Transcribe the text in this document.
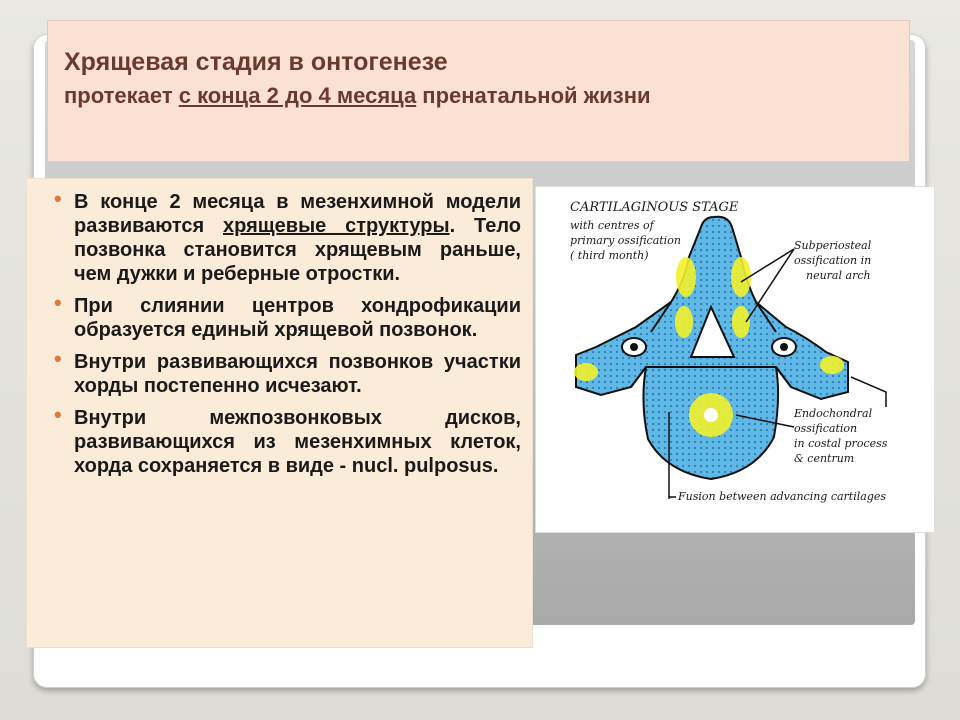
Хрящевая стадия в онтогенезе
протекает с конца 2 до 4 месяца пренатальной жизни
• В конце 2 месяца в мезенхимной модели развиваются хрящевые структуры. Тело позвонка становится хрящевым раньше, чем дужки и реберные отростки.
• При слиянии центров хондрофикации образуется единый хрящевой позвонок.
• Внутри развивающихся позвонков участки хорды постепенно исчезают.
• Внутри межпозвонковых дисков, развивающихся из мезенхимных клеток, хорда сохраняется в виде - nucl. pulposus.
CARTILAGINOUS STAGE
with centres of
primary ossification
( third month)
Subperiosteal
ossification in
neural arch
Endochondral
ossification
in costal process
& centrum
Fusion between advancing cartilages
